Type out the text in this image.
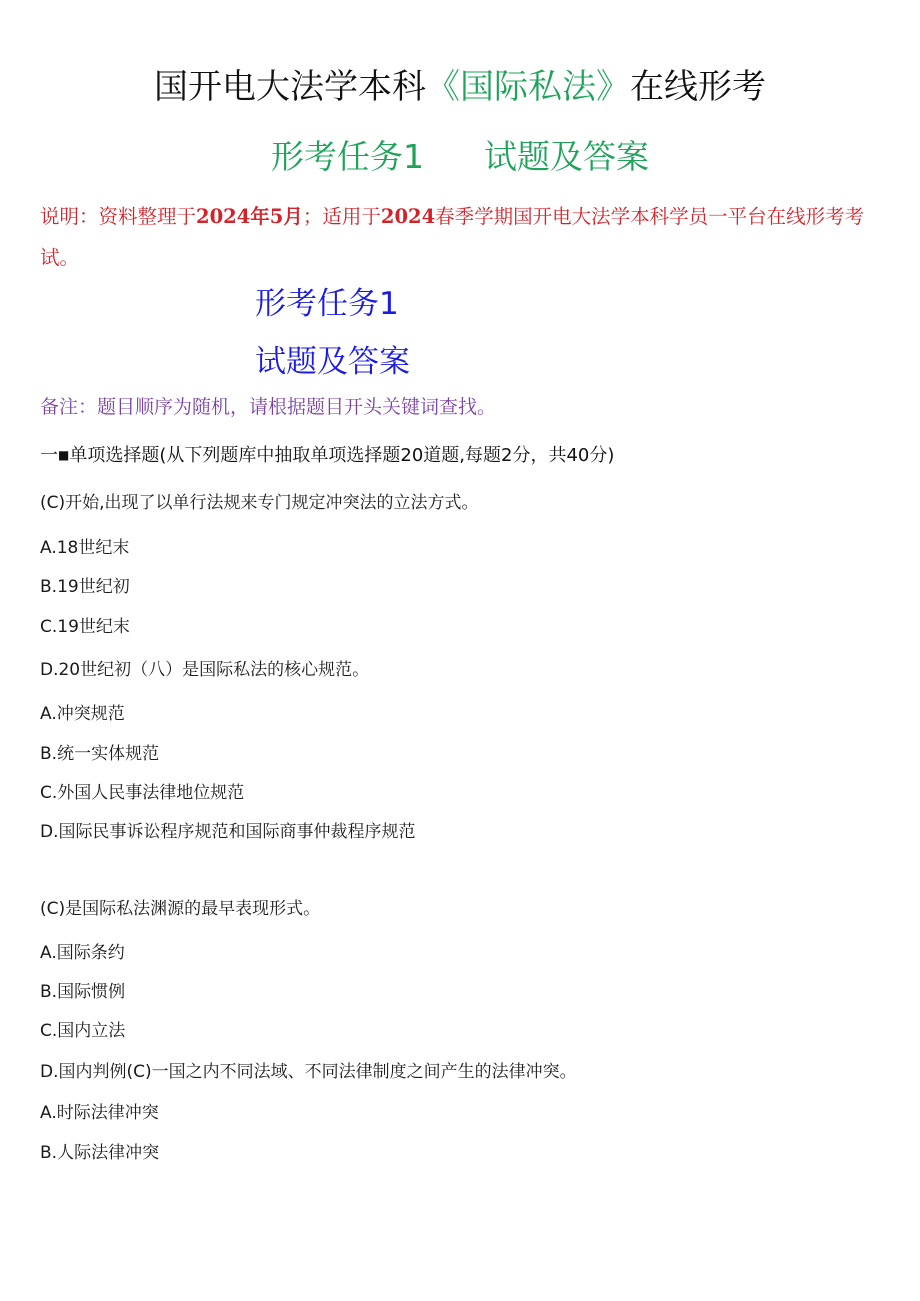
国开电大法学本科《国际私法》在线形考
形考任务1 试题及答案
说明：资料整理于2024年5月；适用于2024春季学期国开电大法学本科学员一平台在线形考考试。
形考任务1
试题及答案
备注：题目顺序为随机，请根据题目开头关键词查找。
一■单项选择题(从下列题库中抽取单项选择题20道题,每题2分，共40分)
(C)开始,出现了以单行法规来专门规定冲突法的立法方式。
A.18世纪末
B.19世纪初
C.19世纪末
D.20世纪初（八）是国际私法的核心规范。
A.冲突规范
B.统一实体规范
C.外国人民事法律地位规范
D.国际民事诉讼程序规范和国际商事仲裁程序规范
(C)是国际私法渊源的最早表现形式。
A.国际条约
B.国际惯例
C.国内立法
D.国内判例(C)一国之内不同法域、不同法律制度之间产生的法律冲突。
A.时际法律冲突
B.人际法律冲突
